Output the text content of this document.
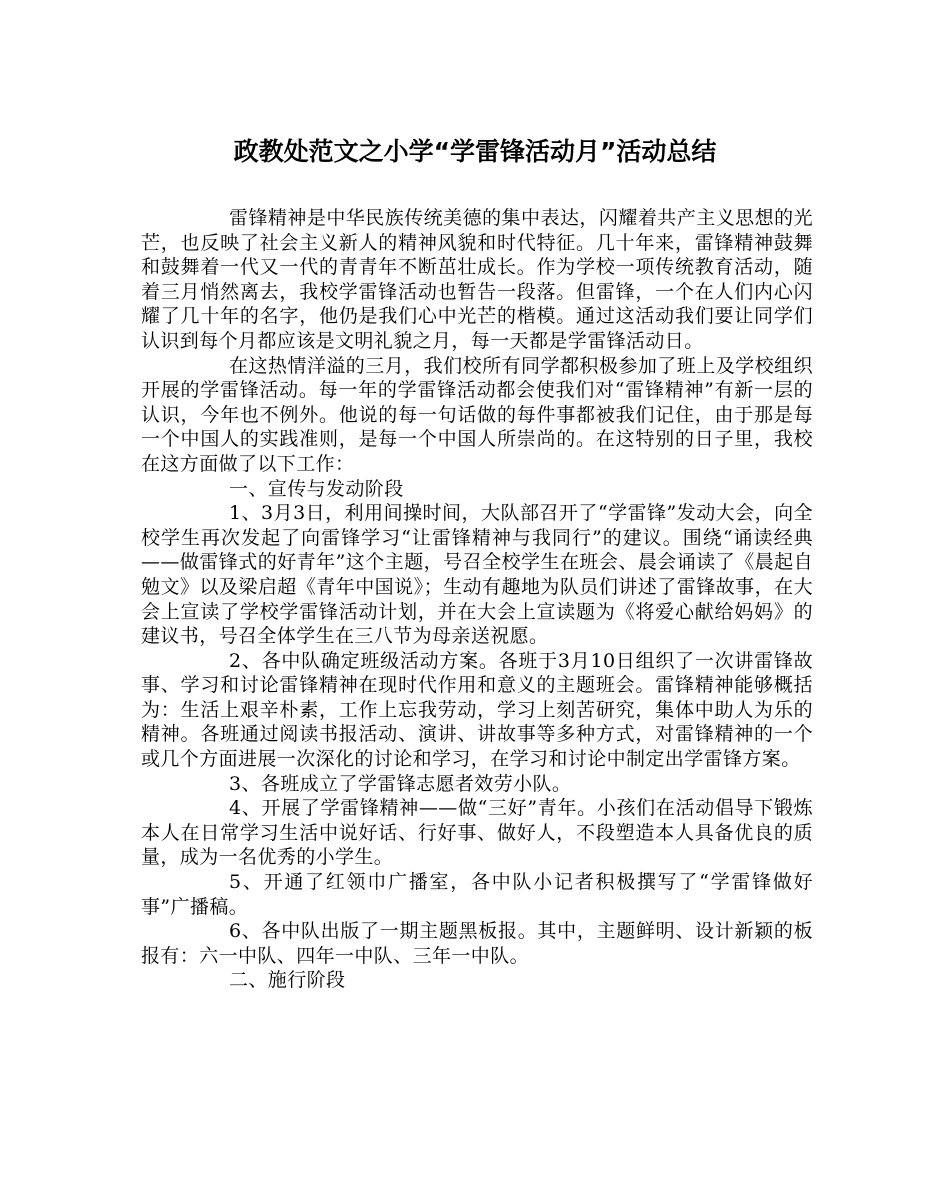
政教处范文之小学“学雷锋活动月”活动总结

雷锋精神是中华民族传统美德的集中表达，闪耀着共产主义思想的光芒，也反映了社会主义新人的精神风貌和时代特征。几十年来，雷锋精神鼓舞和鼓舞着一代又一代的青青年不断茁壮成长。作为学校一项传统教育活动，随着三月悄然离去，我校学雷锋活动也暂告一段落。但雷锋，一个在人们内心闪耀了几十年的名字，他仍是我们心中光芒的楷模。通过这活动我们要让同学们认识到每个月都应该是文明礼貌之月，每一天都是学雷锋活动日。

在这热情洋溢的三月，我们校所有同学都积极参加了班上及学校组织开展的学雷锋活动。每一年的学雷锋活动都会使我们对“雷锋精神”有新一层的认识，今年也不例外。他说的每一句话做的每件事都被我们记住，由于那是每一个中国人的实践准则，是每一个中国人所崇尚的。在这特别的日子里，我校在这方面做了以下工作：

一、宣传与发动阶段

1、3月3日，利用间操时间，大队部召开了“学雷锋”发动大会，向全校学生再次发起了向雷锋学习“让雷锋精神与我同行”的建议。围绕“诵读经典——做雷锋式的好青年”这个主题，号召全校学生在班会、晨会诵读了《晨起自勉文》以及梁启超《青年中国说》；生动有趣地为队员们讲述了雷锋故事，在大会上宣读了学校学雷锋活动计划，并在大会上宣读题为《将爱心献给妈妈》的建议书，号召全体学生在三八节为母亲送祝愿。

2、各中队确定班级活动方案。各班于3月10日组织了一次讲雷锋故事、学习和讨论雷锋精神在现时代作用和意义的主题班会。雷锋精神能够概括为：生活上艰辛朴素，工作上忘我劳动，学习上刻苦研究，集体中助人为乐的精神。各班通过阅读书报活动、演讲、讲故事等多种方式，对雷锋精神的一个或几个方面进展一次深化的讨论和学习，在学习和讨论中制定出学雷锋方案。

3、各班成立了学雷锋志愿者效劳小队。

4、开展了学雷锋精神——做“三好”青年。小孩们在活动倡导下锻炼本人在日常学习生活中说好话、行好事、做好人，不段塑造本人具备优良的质量，成为一名优秀的小学生。

5、开通了红领巾广播室，各中队小记者积极撰写了“学雷锋做好事”广播稿。

6、各中队出版了一期主题黑板报。其中，主题鲜明、设计新颖的板报有：六一中队、四年一中队、三年一中队。

二、施行阶段
